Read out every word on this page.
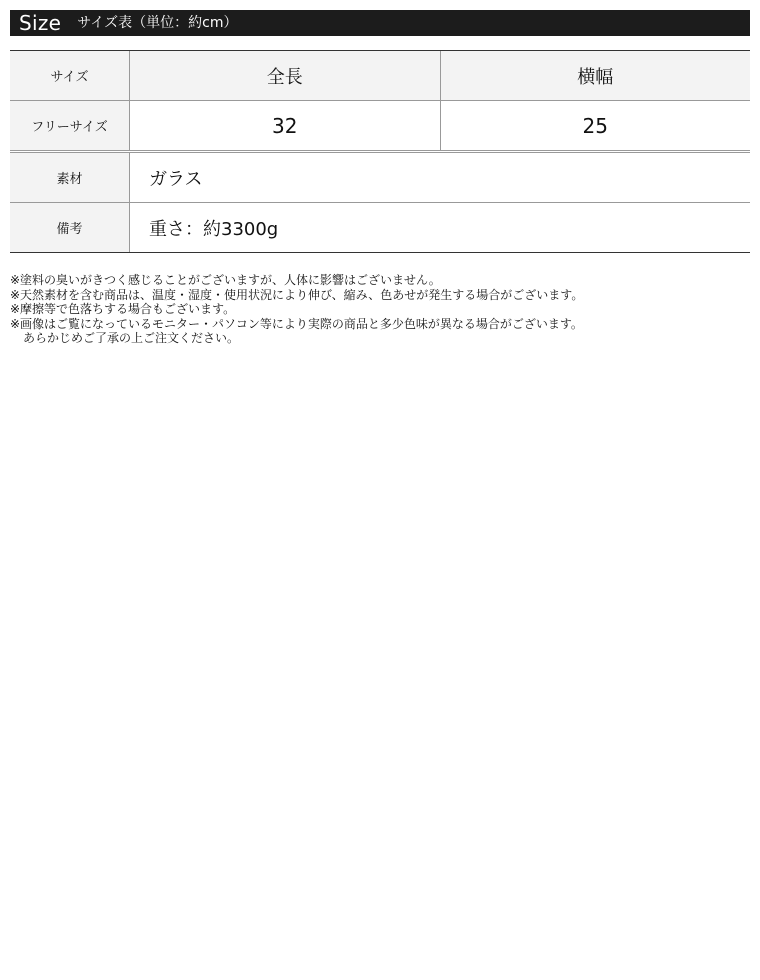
Size サイズ表（単位：約cm）
サイズ	全長	横幅
フリーサイズ	32	25
素材	ガラス
備考	重さ：約3300g
※塗料の臭いがきつく感じることがございますが、人体に影響はございません。
※天然素材を含む商品は、温度・湿度・使用状況により伸び、縮み、色あせが発生する場合がございます。
※摩擦等で色落ちする場合もございます。
※画像はご覧になっているモニター・パソコン等により実際の商品と多少色味が異なる場合がございます。
あらかじめご了承の上ご注文ください。
